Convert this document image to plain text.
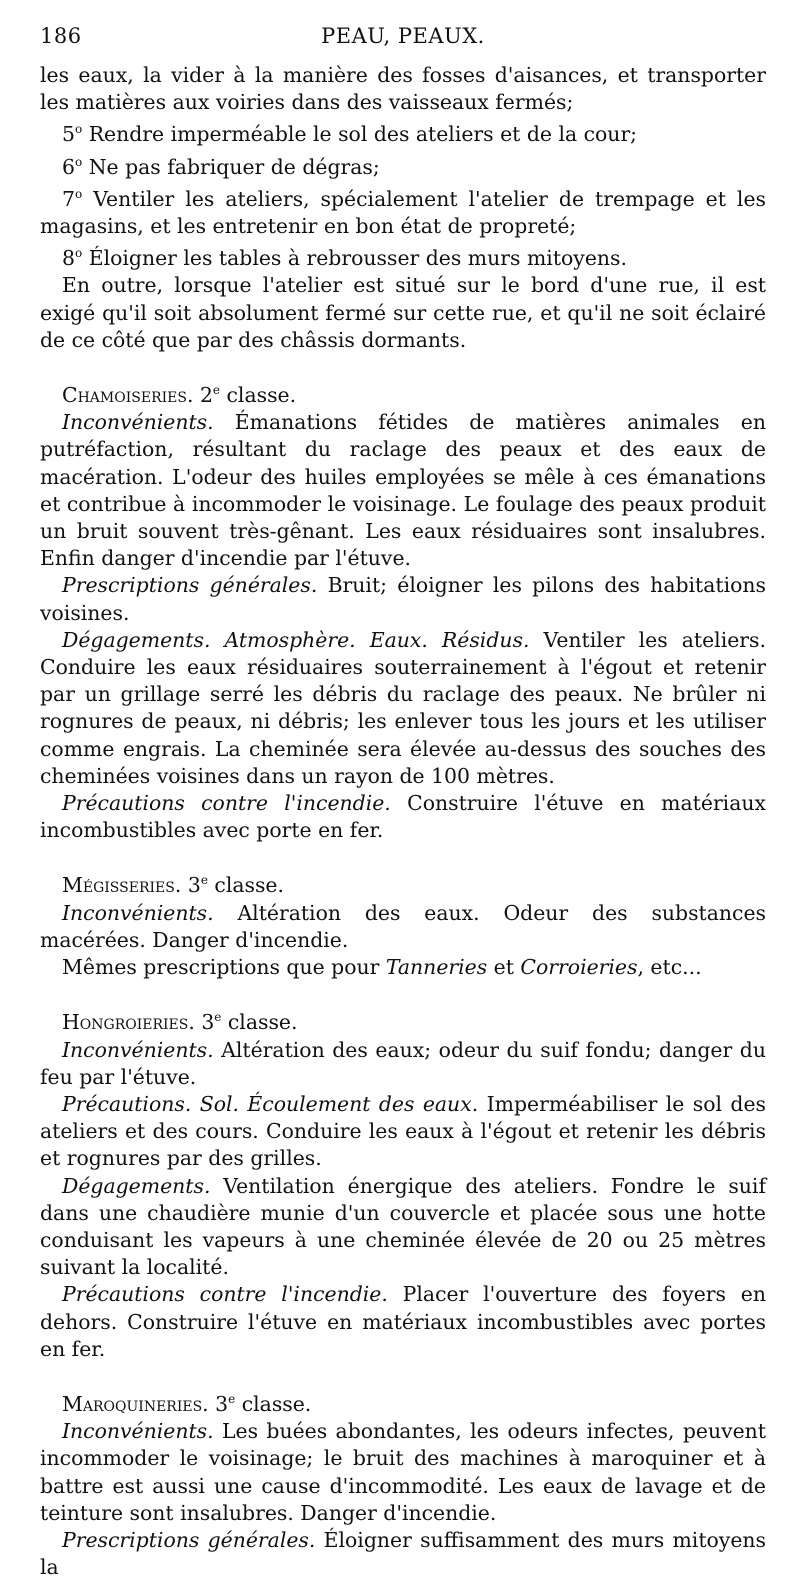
186	PEAU, PEAUX.

les eaux, la vider à la manière des fosses d'aisances, et transporter les matières aux voiries dans des vaisseaux fermés;

5$^o$ Rendre imperméable le sol des ateliers et de la cour;

6$^o$ Ne pas fabriquer de dégras;

7$^o$ Ventiler les ateliers, spécialement l'atelier de trempage et les magasins, et les entretenir en bon état de propreté;

8$^o$ Éloigner les tables à rebrousser des murs mitoyens.

En outre, lorsque l'atelier est situé sur le bord d'une rue, il est exigé qu'il soit absolument fermé sur cette rue, et qu'il ne soit éclairé de ce côté que par des châssis dormants.

Chamoiseries. 2e classe.

Inconvénients. Émanations fétides de matières animales en putréfaction, résultant du raclage des peaux et des eaux de macération. L'odeur des huiles employées se mêle à ces émanations et contribue à incommoder le voisinage. Le foulage des peaux produit un bruit souvent très-gênant. Les eaux résiduaires sont insalubres. Enfin danger d'incendie par l'étuve.

Prescriptions générales. Bruit; éloigner les pilons des habitations voisines.

Dégagements. Atmosphère. Eaux. Résidus. Ventiler les ateliers. Conduire les eaux résiduaires souterrainement à l'égout et retenir par un grillage serré les débris du raclage des peaux. Ne brûler ni rognures de peaux, ni débris; les enlever tous les jours et les utiliser comme engrais. La cheminée sera élevée au-dessus des souches des cheminées voisines dans un rayon de 100 mètres.

Précautions contre l'incendie. Construire l'étuve en matériaux incombustibles avec porte en fer.

Mégisseries. 3e classe.

Inconvénients. Altération des eaux. Odeur des substances macérées. Danger d'incendie.

Mêmes prescriptions que pour Tanneries et Corroieries, etc...

Hongroieries. 3e classe.

Inconvénients. Altération des eaux; odeur du suif fondu; danger du feu par l'étuve.

Précautions. Sol. Écoulement des eaux. Imperméabiliser le sol des ateliers et des cours. Conduire les eaux à l'égout et retenir les débris et rognures par des grilles.

Dégagements. Ventilation énergique des ateliers. Fondre le suif dans une chaudière munie d'un couvercle et placée sous une hotte conduisant les vapeurs à une cheminée élevée de 20 ou 25 mètres suivant la localité.

Précautions contre l'incendie. Placer l'ouverture des foyers en dehors. Construire l'étuve en matériaux incombustibles avec portes en fer.

Maroquineries. 3e classe.

Inconvénients. Les buées abondantes, les odeurs infectes, peuvent incommoder le voisinage; le bruit des machines à maroquiner et à battre est aussi une cause d'incommodité. Les eaux de lavage et de teinture sont insalubres. Danger d'incendie.

Prescriptions générales. Éloigner suffisamment des murs mitoyens la
